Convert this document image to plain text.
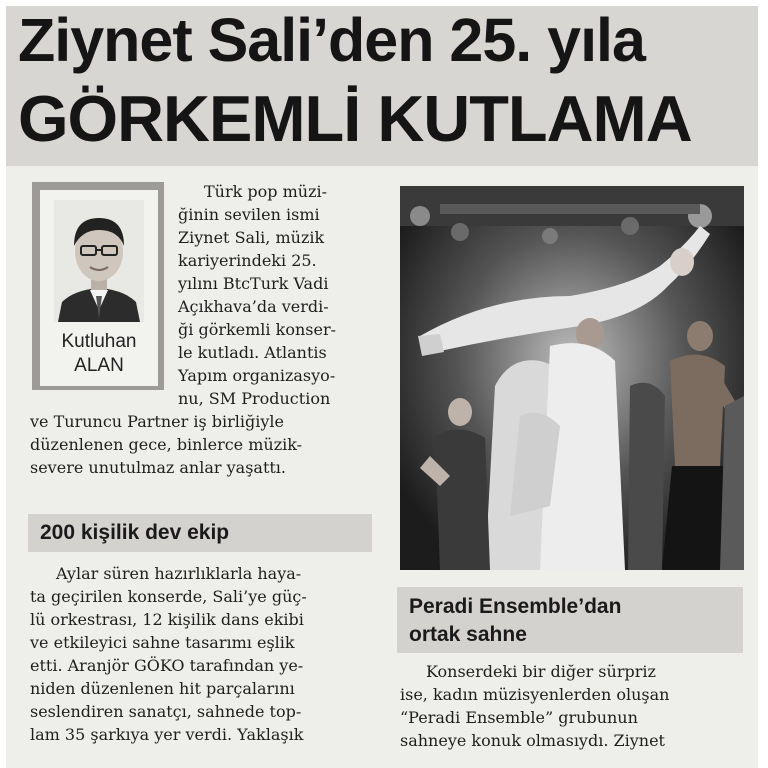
Ziynet Sali’den 25. yıla
GÖRKEMLİ KUTLAMA
Kutluhan
ALAN
Türk pop müzi-
ğinin sevilen ismi
Ziynet Sali, müzik
kariyerindeki 25.
yılını BtcTurk Vadi
Açıkhava’da verdi-
ği görkemli konser-
le kutladı. Atlantis
Yapım organizasyo-
nu, SM Production
ve Turuncu Partner iş birliğiyle
düzenlenen gece, binlerce müzik-
severe unutulmaz anlar yaşattı.
200 kişilik dev ekip
Aylar süren hazırlıklarla haya-
ta geçirilen konserde, Sali’ye güç-
lü orkestrası, 12 kişilik dans ekibi
ve etkileyici sahne tasarımı eşlik
etti. Aranjör GÖKO tarafından ye-
niden düzenlenen hit parçalarını
seslendiren sanatçı, sahnede top-
lam 35 şarkıya yer verdi. Yaklaşık
Peradi Ensemble’dan
ortak sahne
Konserdeki bir diğer sürpriz
ise, kadın müzisyenlerden oluşan
“Peradi Ensemble” grubunun
sahneye konuk olmasıydı. Ziynet
